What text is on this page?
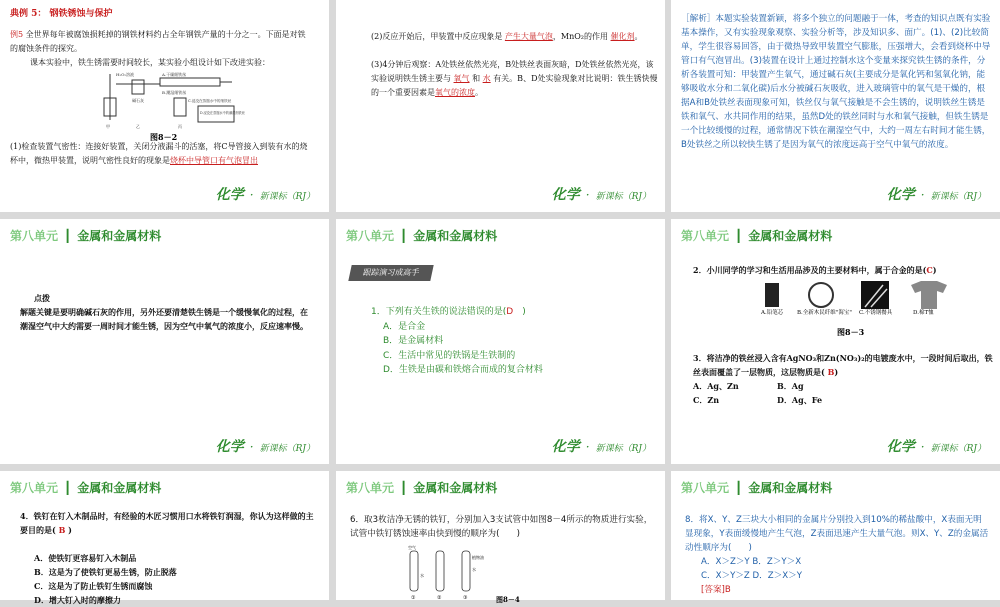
典例 5： 钢铁锈蚀与保护
例5 全世界每年被腐蚀损耗掉的钢铁材料约占全年钢铁产量的十分之一。下面是对铁的腐蚀条件的探究。
课本实验中，铁生锈需要时间较长，某实验小组设计如下改进实验：
H₂O₂溶液	A.干燥细铁丝
B.潮湿细铁丝
C.浸没在蒸馏水中的细铁丝
D.浸没在蒸馏水中的潮湿细铁丝
碱石灰
甲	乙	丙
图8－2
(1)检查装置气密性：连接好装置，关闭分液漏斗的活塞，将C导管接入到装有水的烧杯中，微热甲装置，说明气密性良好的现象是烧杯中导管口有气泡冒出
化学 · 新课标（RJ）
(2)反应开始后，甲装置中反应现象是 产生大量气泡，MnO₂的作用 催化剂。
(3)4分钟后观察：A处铁丝依然光亮，B处铁丝表面灰暗，D处铁丝依然光亮，该实验说明铁生锈主要与 氧气 和 水 有关。B、D处实验现象对比说明：铁生锈快慢的一个重要因素是氧气的浓度。
化学 · 新课标（RJ）
［解析］本题实验装置新颖，将多个独立的问题融于一体，考查的知识点既有实验基本操作，又有实验现象观察、实验分析等，涉及知识多、面广。(1)、(2)比较简单，学生很容易回答，由于微热导致甲装置空气膨胀，压强增大，会看到烧杯中导管口有气泡冒出。(3)装置在设计上通过控制水这个变量来探究铁生锈的条件，分析各装置可知：甲装置产生氧气，通过碱石灰(主要成分是氧化钙和氢氧化钠，能够吸收水分和二氧化碳)后水分被碱石灰吸收，进入玻璃管中的氧气是干燥的，根据A和B处铁丝表面现象可知，铁丝仅与氧气接触是不会生锈的，说明铁丝生锈是铁和氧气、水共同作用的结果，虽然D处的铁丝同时与水和氧气接触，但铁生锈是一个比较缓慢的过程，通常情况下铁在潮湿空气中，大约一周左右时间才能生锈，B处铁丝之所以较快生锈了是因为氧气的浓度远高于空气中氧气的浓度。
化学 · 新课标（RJ）
第八单元 ┃ 金属和金属材料
点拨
解题关键是要明确碱石灰的作用，另外还要清楚铁生锈是一个缓慢氧化的过程，在潮湿空气中大约需要一周时间才能生锈，因为空气中氧气的浓度小，反应速率慢。
化学 · 新课标（RJ）
第八单元 ┃ 金属和金属材料
跟踪演习成高手
1．下列有关生铁的说法错误的是(D　 )
A．是合金
B．是金属材料
C．生活中常见的铁锅是生铁制的
D．生铁是由碳和铁熔合而成的复合材料
化学 · 新课标（RJ）
第八单元 ┃ 金属和金属材料
2．小川同学的学习和生活用品涉及的主要材料中，属于合金的是(C)
A.铅笔芯	B.全新木民纤维"海宝"	C.不锈钢餐具	D.棉T恤
图8－3
3．将洁净的铁丝浸入含有AgNO₃和Zn(NO₃)₂的电镀废水中，一段时间后取出，铁丝表面覆盖了一层物质，这层物质是( B)
A．Ag、Zn	B．Ag
C．Zn	D．Ag、Fe
化学 · 新课标（RJ）
第八单元 ┃ 金属和金属材料
4．铁钉在钉入木制品时，有经验的木匠习惯用口水将铁钉润湿，你认为这样做的主要目的是( B )
A．使铁钉更容易钉入木制品
B．这是为了使铁钉更易生锈，防止脱落
C．这是为了防止铁钉生锈而腐蚀
D．增大钉入时的摩擦力
第八单元 ┃ 金属和金属材料
6．取3枚洁净无锈的铁钉，分别加入3支试管中如图8－4所示的物质进行实验，试管中铁钉锈蚀速率由快到慢的顺序为(　　)
空气
水
植物油
水
①	②	③	图8－4
第八单元 ┃ 金属和金属材料
8．将X、Y、Z三块大小相同的金属片分别投入到10%的稀盐酸中，X表面无明显现象，Y表面缓慢地产生气泡，Z表面迅速产生大量气泡。则X、Y、Z的金属活动性顺序为(　　)
A．X＞Z＞Y B．Z＞Y＞X
C．X＞Y＞Z D．Z＞X＞Y
[答案]B
